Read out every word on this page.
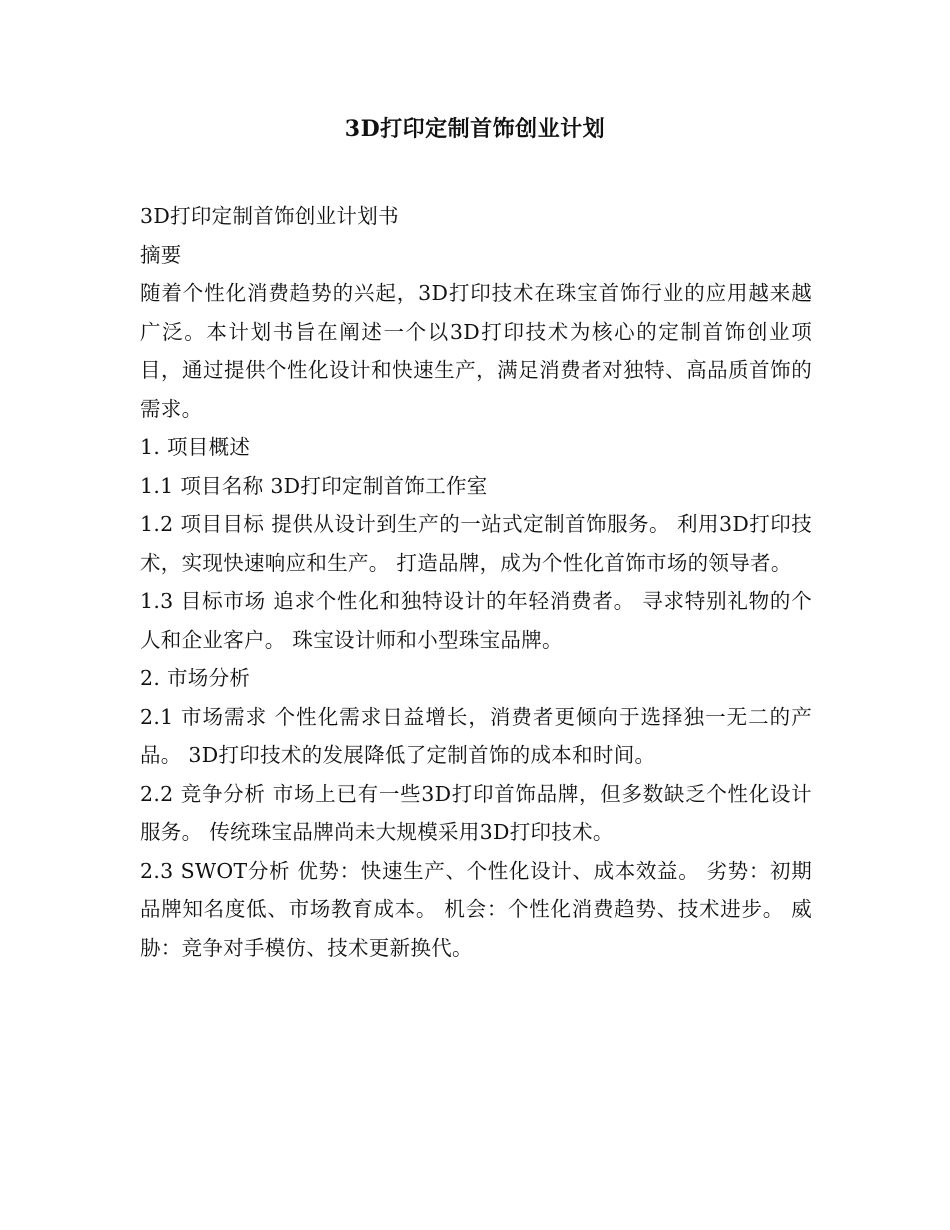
3D打印定制首饰创业计划

3D打印定制首饰创业计划书

摘要

随着个性化消费趋势的兴起，3D打印技术在珠宝首饰行业的应用越来越广泛。本计划书旨在阐述一个以3D打印技术为核心的定制首饰创业项目，通过提供个性化设计和快速生产，满足消费者对独特、高品质首饰的需求。

1. 项目概述

1.1 项目名称 3D打印定制首饰工作室

1.2 项目目标 提供从设计到生产的一站式定制首饰服务。 利用3D打印技术，实现快速响应和生产。 打造品牌，成为个性化首饰市场的领导者。

1.3 目标市场 追求个性化和独特设计的年轻消费者。 寻求特别礼物的个人和企业客户。 珠宝设计师和小型珠宝品牌。

2. 市场分析

2.1 市场需求 个性化需求日益增长，消费者更倾向于选择独一无二的产品。 3D打印技术的发展降低了定制首饰的成本和时间。

2.2 竞争分析 市场上已有一些3D打印首饰品牌，但多数缺乏个性化设计服务。 传统珠宝品牌尚未大规模采用3D打印技术。

2.3 SWOT分析 优势：快速生产、个性化设计、成本效益。 劣势：初期品牌知名度低、市场教育成本。 机会：个性化消费趋势、技术进步。 威胁：竞争对手模仿、技术更新换代。
